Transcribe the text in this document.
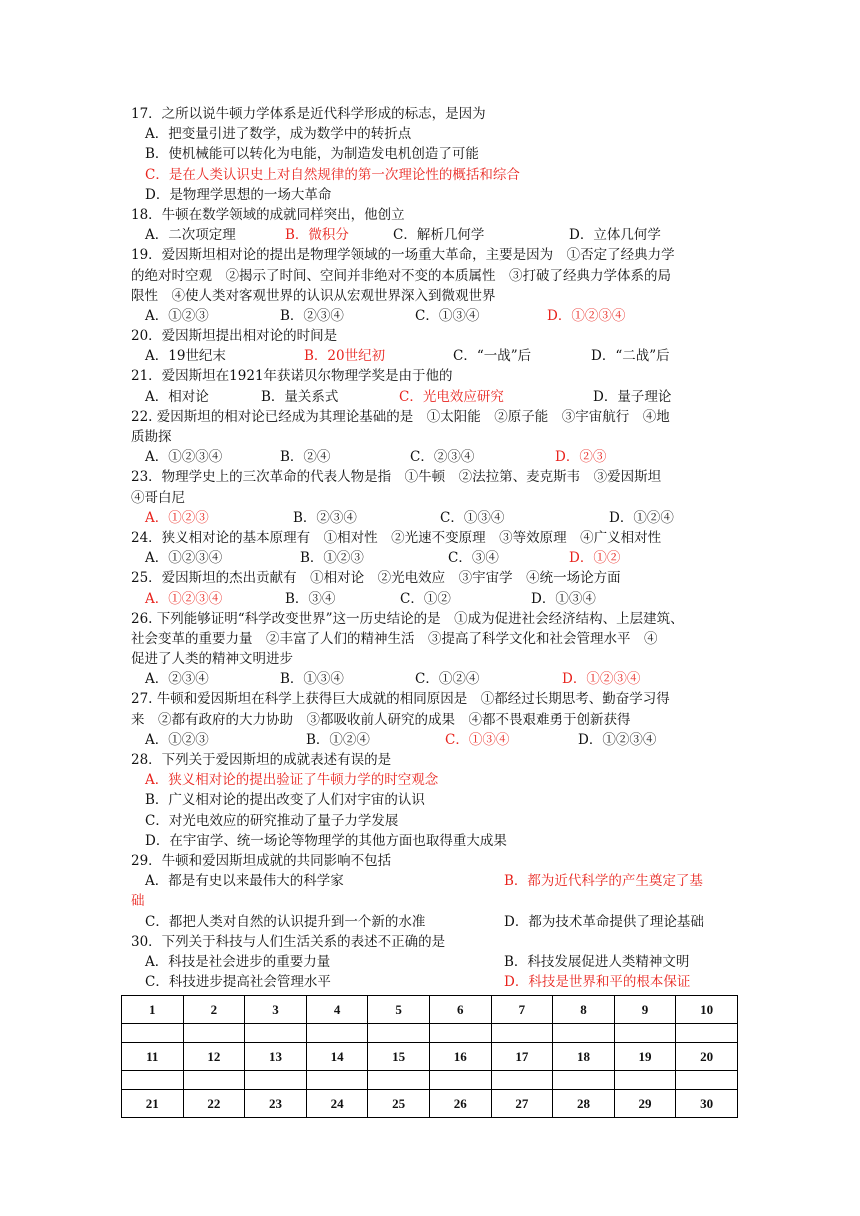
17．之所以说牛顿力学体系是近代科学形成的标志，是因为
A．把变量引进了数学，成为数学中的转折点
B．使机械能可以转化为电能，为制造发电机创造了可能
C．是在人类认识史上对自然规律的第一次理论性的概括和综合
D．是物理学思想的一场大革命
18．牛顿在数学领域的成就同样突出，他创立
A．二次项定理	B．微积分	C．解析几何学	D．立体几何学
19．爱因斯坦相对论的提出是物理学领域的一场重大革命，主要是因为　①否定了经典力学
的绝对时空观　②揭示了时间、空间并非绝对不变的本质属性　③打破了经典力学体系的局
限性　④使人类对客观世界的认识从宏观世界深入到微观世界
A．①②③	B．②③④	C．①③④	D．①②③④
20．爱因斯坦提出相对论的时间是
A．19世纪末	B．20世纪初	C．“一战”后	D．“二战”后
21．爱因斯坦在1921年获诺贝尔物理学奖是由于他的
A．相对论	B．量关系式	C．光电效应研究	D．量子理论
22. 爱因斯坦的相对论已经成为其理论基础的是　①太阳能　②原子能　③宇宙航行　④地
质勘探
A．①②③④	B．②④	C．②③④	D．②③
23．物理学史上的三次革命的代表人物是指　①牛顿　②法拉第、麦克斯韦　③爱因斯坦
④哥白尼
A．①②③	B．②③④	C．①③④	D．①②④
24．狭义相对论的基本原理有　①相对性　②光速不变原理　③等效原理　④广义相对性
A．①②③④	B．①②③	C．③④	D．①②
25．爱因斯坦的杰出贡献有　①相对论　②光电效应　③宇宙学　④统一场论方面
A．①②③④	B．③④	C．①②	D．①③④
26. 下列能够证明“科学改变世界”这一历史结论的是　①成为促进社会经济结构、上层建筑、
社会变革的重要力量　②丰富了人们的精神生活　③提高了科学文化和社会管理水平　④
促进了人类的精神文明进步
A．②③④	B．①③④	C．①②④	D．①②③④
27. 牛顿和爱因斯坦在科学上获得巨大成就的相同原因是　①都经过长期思考、勤奋学习得
来　②都有政府的大力协助　③都吸收前人研究的成果　④都不畏艰难勇于创新获得
A．①②③	B．①②④	C．①③④	D．①②③④
28．下列关于爱因斯坦的成就表述有误的是
A．狭义相对论的提出验证了牛顿力学的时空观念
B．广义相对论的提出改变了人们对宇宙的认识
C．对光电效应的研究推动了量子力学发展
D．在宇宙学、统一场论等物理学的其他方面也取得重大成果
29．牛顿和爱因斯坦成就的共同影响不包括
A．都是有史以来最伟大的科学家	B．都为近代科学的产生奠定了基
础
C．都把人类对自然的认识提升到一个新的水准	D．都为技术革命提供了理论基础
30．下列关于科技与人们生活关系的表述不正确的是
A．科技是社会进步的重要力量	B．科技发展促进人类精神文明
C．科技进步提高社会管理水平	D．科技是世界和平的根本保证
1	2	3	4	5	6	7	8	9	10

11	12	13	14	15	16	17	18	19	20

21	22	23	24	25	26	27	28	29	30
